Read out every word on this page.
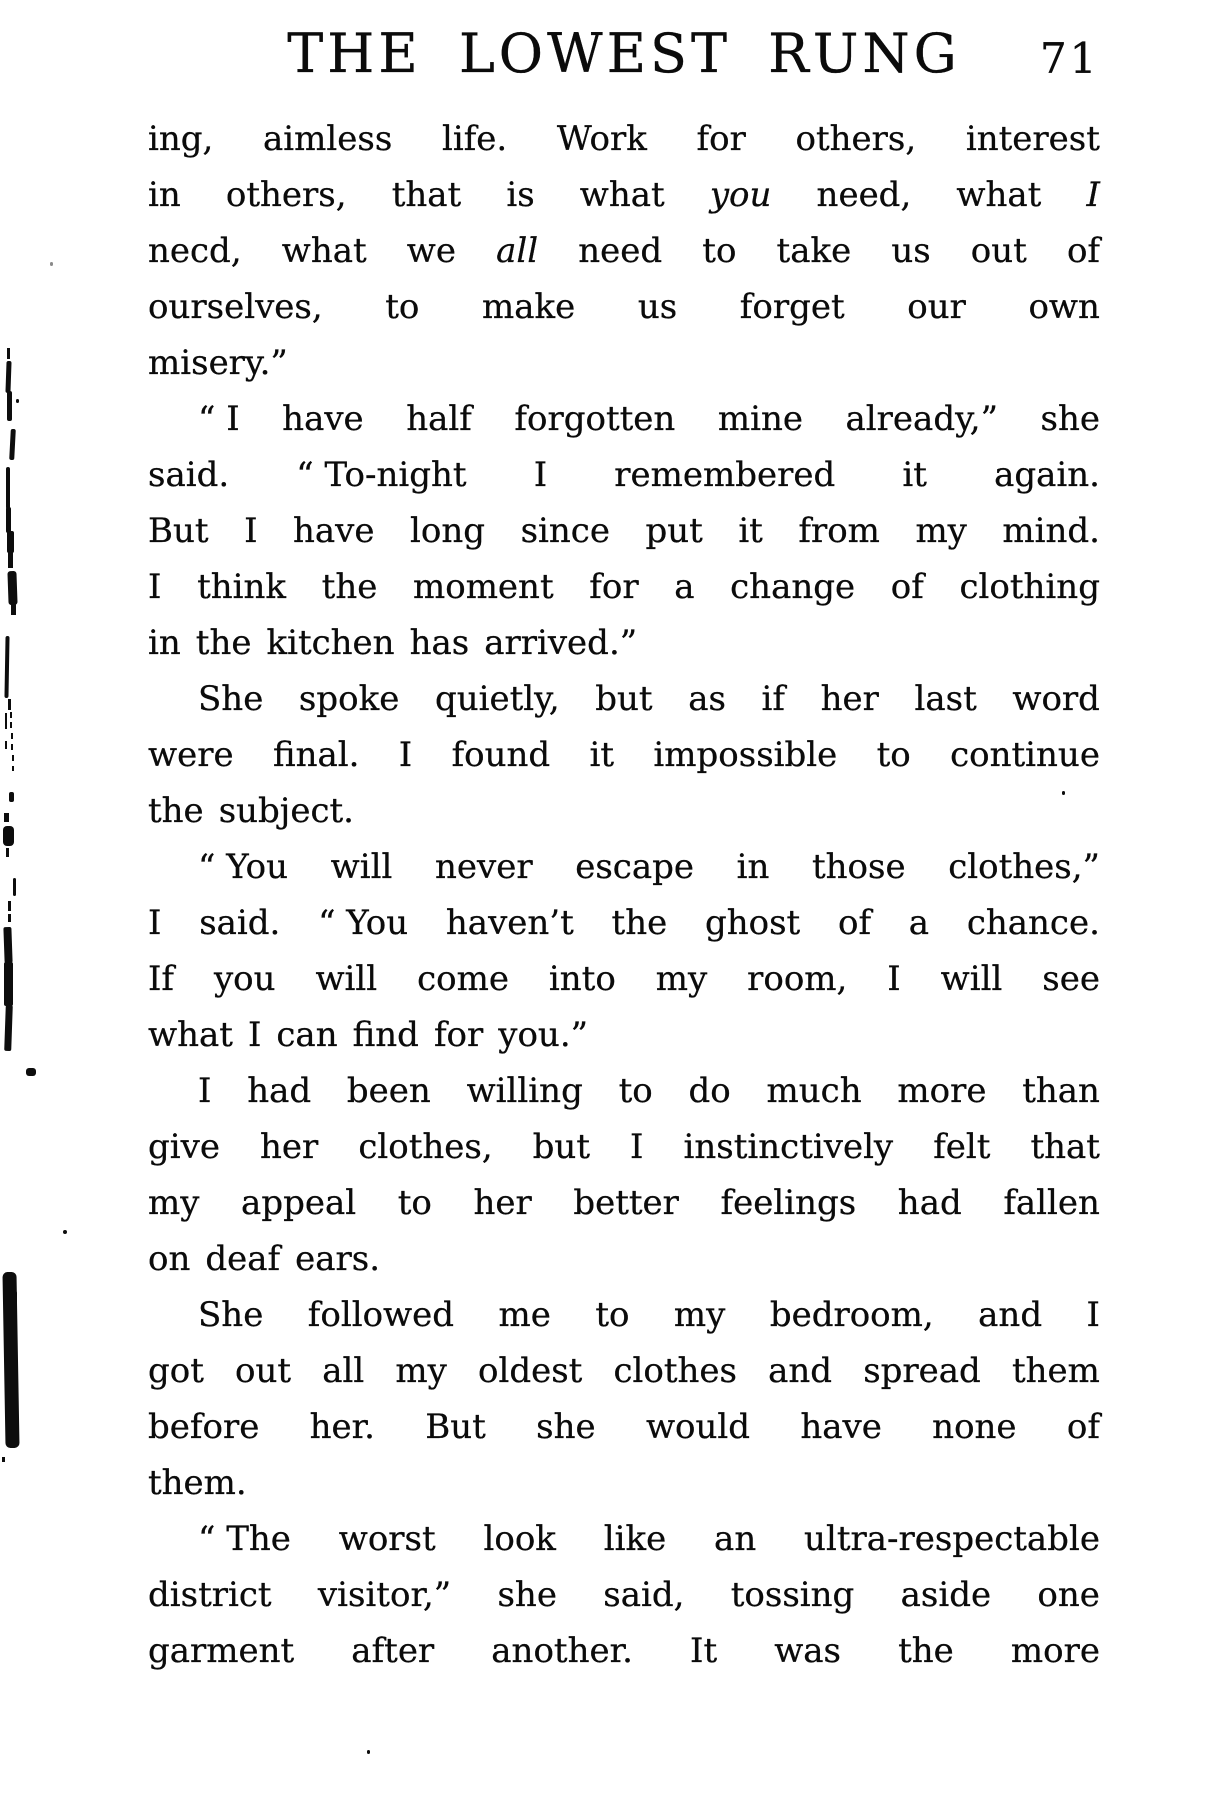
THE LOWEST RUNG	71
ing, aimless life. Work for others, interest
in others, that is what you need, what I
necd, what we all need to take us out of
ourselves, to make us forget our own
misery.”
“ I have half forgotten mine already,” she
said. “ To-night I remembered it again.
But I have long since put it from my mind.
I think the moment for a change of clothing
in the kitchen has arrived.”
She spoke quietly, but as if her last word
were final. I found it impossible to continue
the subject.
“ You will never escape in those clothes,”
I said. “ You haven’t the ghost of a chance.
If you will come into my room, I will see
what I can find for you.”
I had been willing to do much more than
give her clothes, but I instinctively felt that
my appeal to her better feelings had fallen
on deaf ears.
She followed me to my bedroom, and I
got out all my oldest clothes and spread them
before her. But she would have none of
them.
“ The worst look like an ultra-respectable
district visitor,” she said, tossing aside one
garment after another. It was the more
